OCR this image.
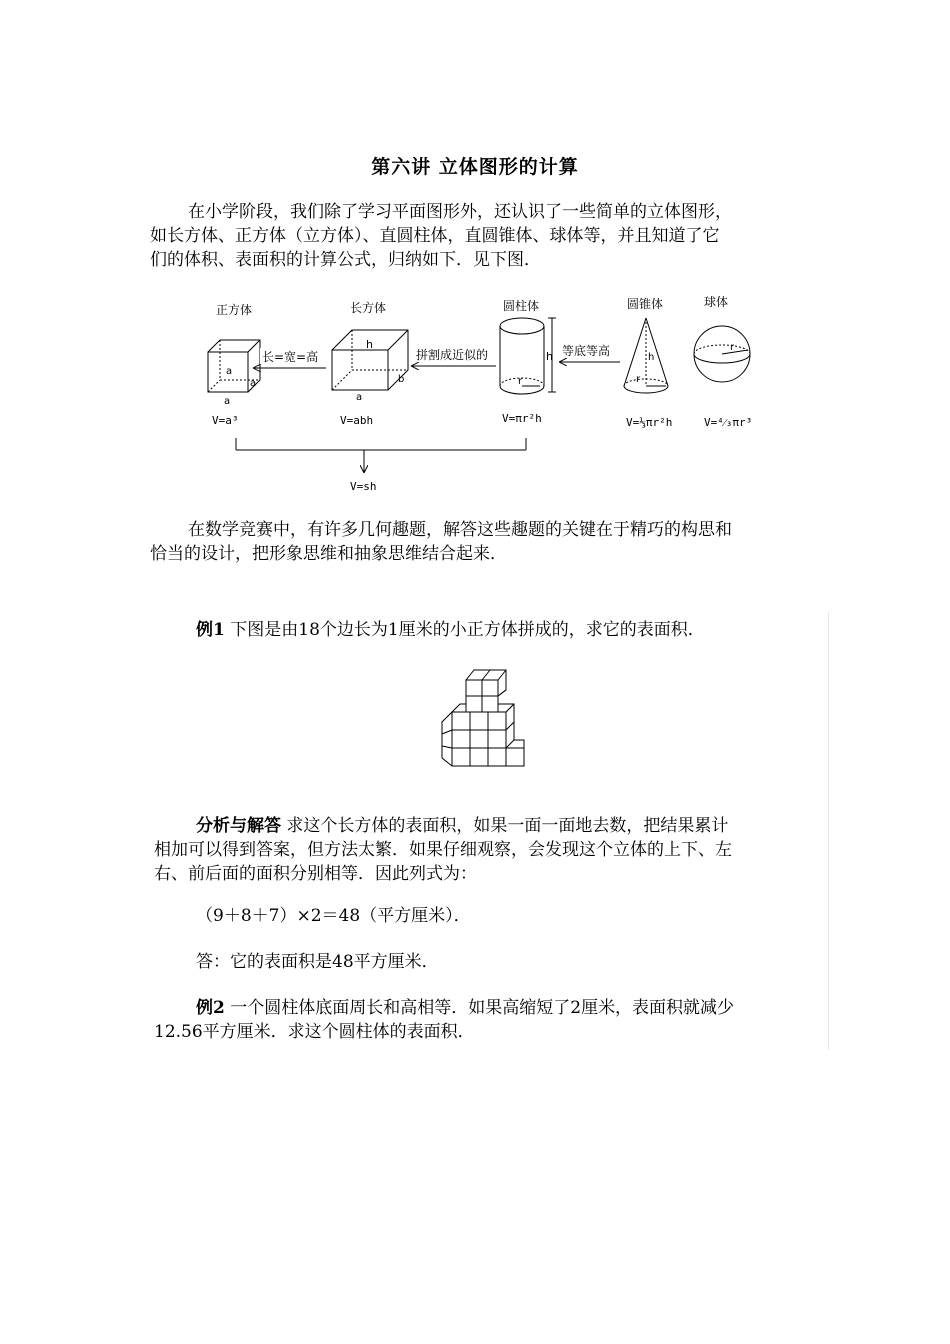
第六讲 立体图形的计算
在小学阶段，我们除了学习平面图形外，还认识了一些简单的立体图形，
如长方体、正方体（立方体）、直圆柱体，直圆锥体、球体等，并且知道了它
们的体积、表面积的计算公式，归纳如下．见下图．
正方体	长方体	圆柱体	圆锥体	球体
a
a
a
V=a³
长=宽=高
h
b
a
V=abh
拼割成近似的
r
h
V=πr²h
等底等高	h
r
V=⅓πr²h
r
V=⁴⁄₃πr³
V=sh
在数学竞赛中，有许多几何趣题，解答这些趣题的关键在于精巧的构思和
恰当的设计，把形象思维和抽象思维结合起来．
例1 下图是由18个边长为1厘米的小正方体拼成的，求它的表面积．
分析与解答 求这个长方体的表面积，如果一面一面地去数，把结果累计
相加可以得到答案，但方法太繁．如果仔细观察，会发现这个立体的上下、左
右、前后面的面积分别相等．因此列式为：
（9＋8＋7）×2＝48（平方厘米）．
答：它的表面积是48平方厘米．
例2 一个圆柱体底面周长和高相等．如果高缩短了2厘米，表面积就减少
12.56平方厘米．求这个圆柱体的表面积．
